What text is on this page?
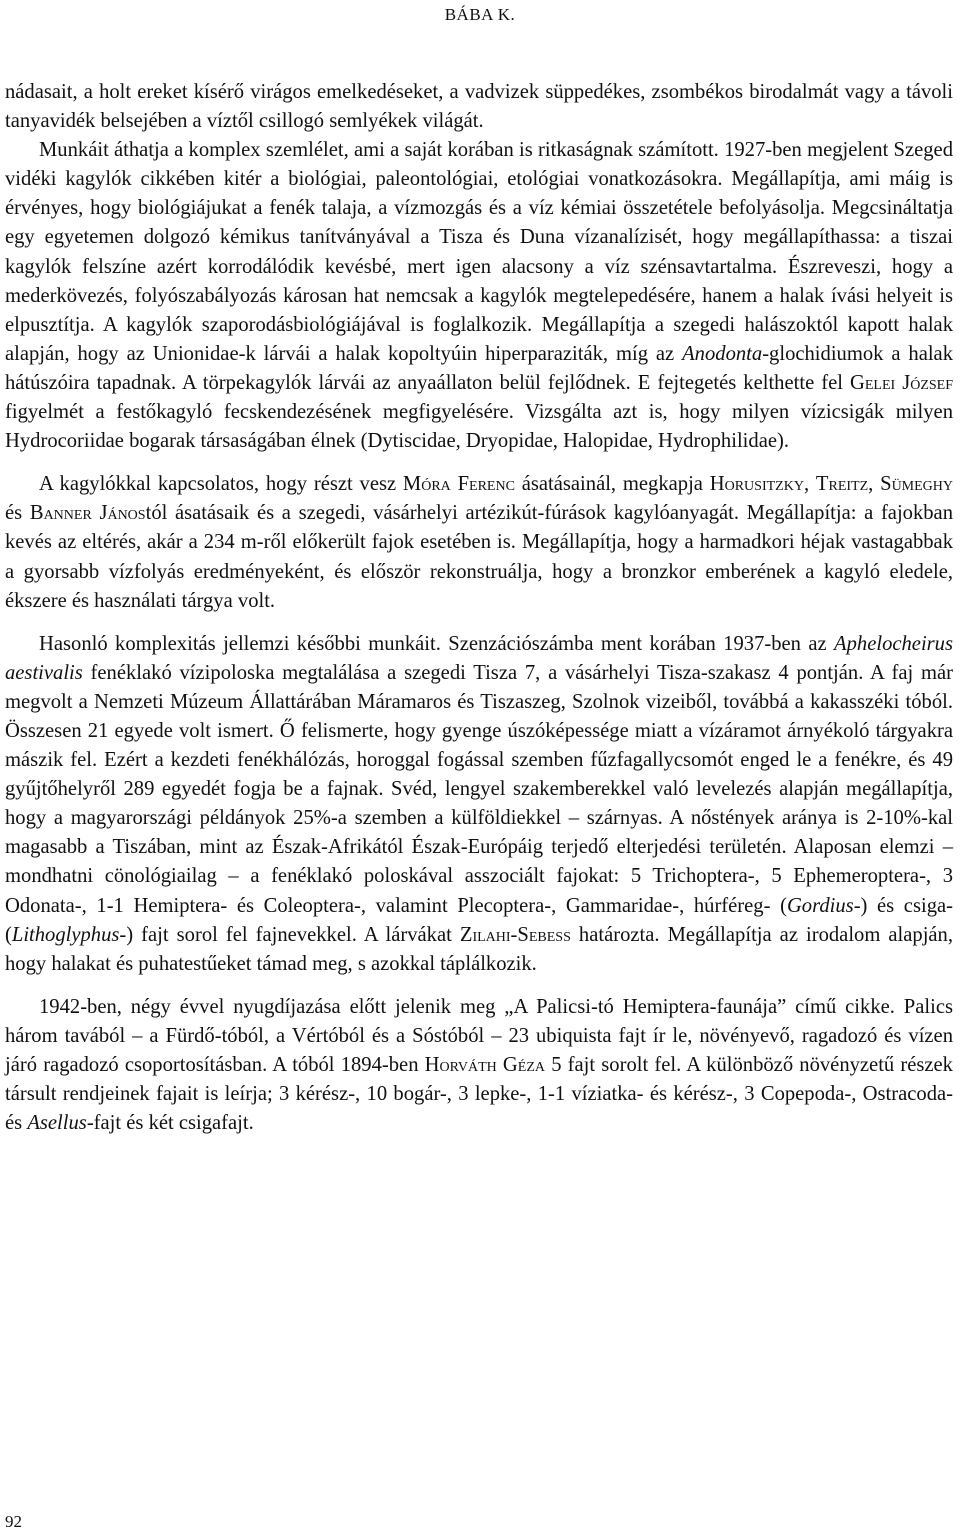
BÁBA K.

nádasait, a holt ereket kísérő virágos emelkedéseket, a vadvizek süppedékes, zsombékos birodalmát vagy a távoli tanyavidék belsejében a víztől csillogó semlyékek világát.

Munkáit áthatja a komplex szemlélet, ami a saját korában is ritkaságnak számított. 1927-ben megjelent Szeged vidéki kagylók cikkében kitér a biológiai, paleontológiai, etológiai vonatkozásokra. Megállapítja, ami máig is érvényes, hogy biológiájukat a fenék talaja, a vízmozgás és a víz kémiai összetétele befolyásolja. Megcsináltatja egy egyetemen dolgozó kémikus tanítványával a Tisza és Duna vízanalízisét, hogy megállapíthassa: a tiszai kagylók felszíne azért korrodálódik kevésbé, mert igen alacsony a víz szénsavtartalma. Észreveszi, hogy a mederkövezés, folyószabályozás károsan hat nemcsak a kagylók megtelepedésére, hanem a halak ívási helyeit is elpusztítja. A kagylók szaporodásbiológiájával is foglalkozik. Megállapítja a szegedi halászoktól kapott halak alapján, hogy az Unionidae-k lárvái a halak kopoltyúin hiperparaziták, míg az Anodonta-glochidiumok a halak hátúszóira tapadnak. A törpekagylók lárvái az anyaállaton belül fejlődnek. E fejtegetés kelthette fel Gelei József figyelmét a festőkagyló fecskendezésének megfigyelésére. Vizsgálta azt is, hogy milyen vízicsigák milyen Hydrocoriidae bogarak társaságában élnek (Dytiscidae, Dryopidae, Halopidae, Hydrophilidae).

A kagylókkal kapcsolatos, hogy részt vesz Móra Ferenc ásatásainál, megkapja Horusitzky, Treitz, Sümeghy és Banner Jánostól ásatásaik és a szegedi, vásárhelyi artézikút-fúrások kagylóanyagát. Megállapítja: a fajokban kevés az eltérés, akár a 234 m-ről előkerült fajok esetében is. Megállapítja, hogy a harmadkori héjak vastagabbak a gyorsabb vízfolyás eredményeként, és először rekonstruálja, hogy a bronzkor emberének a kagyló eledele, ékszere és használati tárgya volt.

Hasonló komplexitás jellemzi későbbi munkáit. Szenzációszámba ment korában 1937-ben az Aphelocheirus aestivalis fenéklakó vízipoloska megtalálása a szegedi Tisza 7, a vásárhelyi Tisza-szakasz 4 pontján. A faj már megvolt a Nemzeti Múzeum Állattárában Máramaros és Tiszaszeg, Szolnok vizeiből, továbbá a kakasszéki tóból. Összesen 21 egyede volt ismert. Ő felismerte, hogy gyenge úszóképessége miatt a vízáramot árnyékoló tárgyakra mászik fel. Ezért a kezdeti fenékhálózás, horoggal fogással szemben fűzfagallycsomót enged le a fenékre, és 49 gyűjtőhelyről 289 egyedét fogja be a fajnak. Svéd, lengyel szakemberekkel való levelezés alapján megállapítja, hogy a magyarországi példányok 25%-a szemben a külföldiekkel – szárnyas. A nőstények aránya is 2-10%-kal magasabb a Tiszában, mint az Észak-Afrikától Észak-Európáig terjedő elterjedési területén. Alaposan elemzi – mondhatni cönológiailag – a fenéklakó poloskával asszociált fajokat: 5 Trichoptera-, 5 Ephemeroptera-, 3 Odonata-, 1-1 Hemiptera- és Coleoptera-, valamint Plecoptera-, Gammaridae-, húrféreg- (Gordius-) és csiga- (Lithoglyphus-) fajt sorol fel fajnevekkel. A lárvákat Zilahi-Sebess határozta. Megállapítja az irodalom alapján, hogy halakat és puhatestűeket támad meg, s azokkal táplálkozik.

1942-ben, négy évvel nyugdíjazása előtt jelenik meg „A Palicsi-tó Hemiptera-faunája” című cikke. Palics három tavából – a Fürdő-tóból, a Vértóból és a Sóstóból – 23 ubiquista fajt ír le, növényevő, ragadozó és vízen járó ragadozó csoportosításban. A tóból 1894-ben Horváth Géza 5 fajt sorolt fel. A különböző növényzetű részek társult rendjeinek fajait is leírja; 3 kérész-, 10 bogár-, 3 lepke-, 1-1 víziatka- és kérész-, 3 Copepoda-, Ostracoda- és Asellus-fajt és két csigafajt.

92
